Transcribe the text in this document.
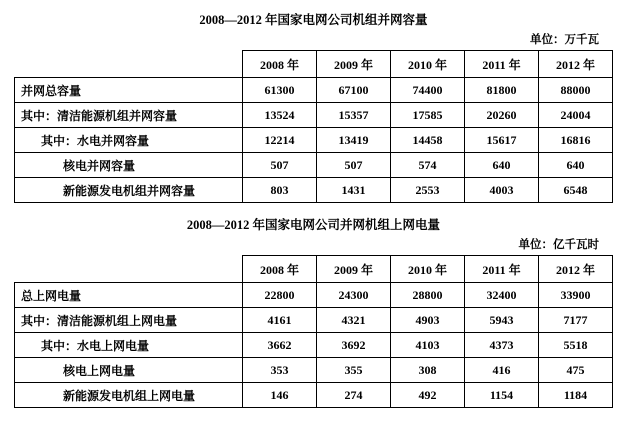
2008—2012 年国家电网公司机组并网容量
单位：万千瓦
	2008 年	2009 年	2010 年	2011 年	2012 年
并网总容量	61300	67100	74400	81800	88000
其中：清洁能源机组并网容量	13524	15357	17585	20260	24004
其中：水电并网容量	12214	13419	14458	15617	16816
核电并网容量	507	507	574	640	640
新能源发电机组并网容量	803	1431	2553	4003	6548
2008—2012 年国家电网公司并网机组上网电量
单位：亿千瓦时
	2008 年	2009 年	2010 年	2011 年	2012 年
总上网电量	22800	24300	28800	32400	33900
其中：清洁能源机组上网电量	4161	4321	4903	5943	7177
其中：水电上网电量	3662	3692	4103	4373	5518
核电上网电量	353	355	308	416	475
新能源发电机组上网电量	146	274	492	1154	1184
